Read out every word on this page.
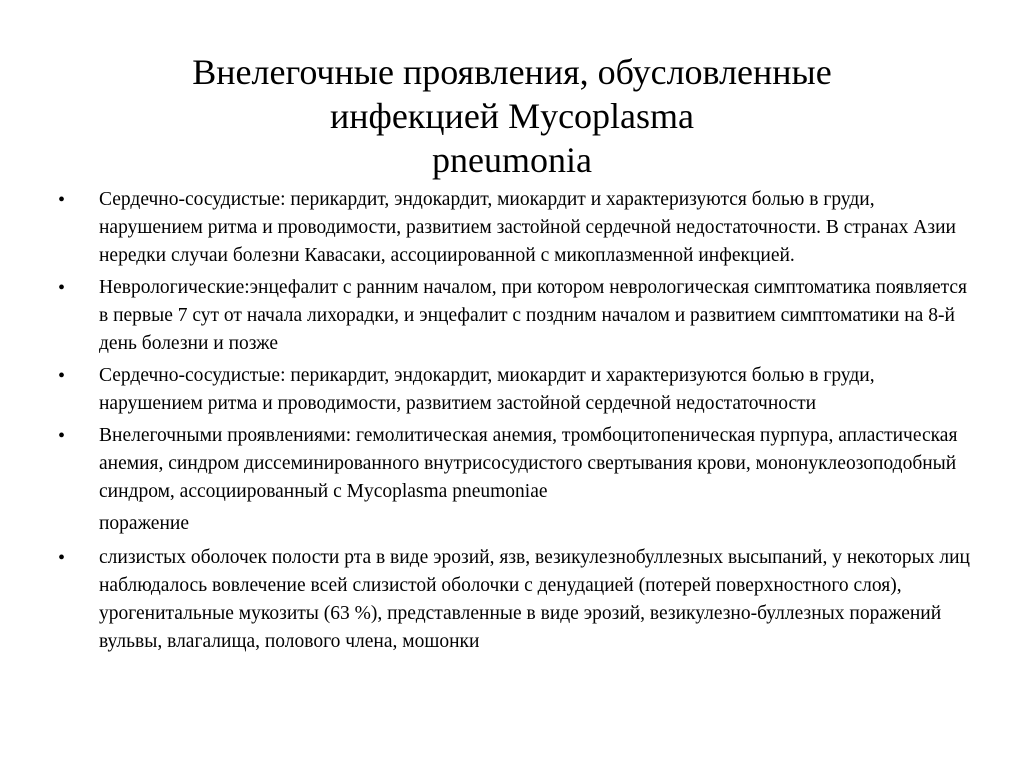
Внелегочные проявления, обусловленные
инфекцией Mycoplasma
pneumonia
•	Сердечно-сосудистые: перикардит, эндокардит, миокардит и характеризуются болью в груди, нарушением ритма и проводимости, развитием застойной сердечной недостаточности. В странах Азии нередки случаи болезни Кавасаки, ассоциированной с микоплазменной инфекцией.
•	Неврологические:энцефалит с ранним началом, при котором неврологическая симптоматика появляется в первые 7 сут от начала лихорадки, и энцефалит с поздним началом и развитием симптоматики на 8-й день болезни и позже
•	Сердечно-сосудистые: перикардит, эндокардит, миокардит и характеризуются болью в груди, нарушением ритма и проводимости, развитием застойной сердечной недостаточности
•	Внелегочными проявлениями: гемолитическая анемия, тромбоцитопеническая пурпура, апластическая анемия, синдром диссеминированного внутрисосудистого свертывания крови, мононуклеозоподобный синдром, ассоциированный с Mycoplasma pneumoniae
поражение
•	слизистых оболочек полости рта в виде эрозий, язв, везикулезнобуллезных высыпаний, у некоторых лиц наблюдалось вовлечение всей слизистой оболочки с денудацией (потерей поверхностного слоя), урогенитальные мукозиты (63 %), представленные в виде эрозий, везикулезно-буллезных поражений вульвы, влагалища, полового члена, мошонки
